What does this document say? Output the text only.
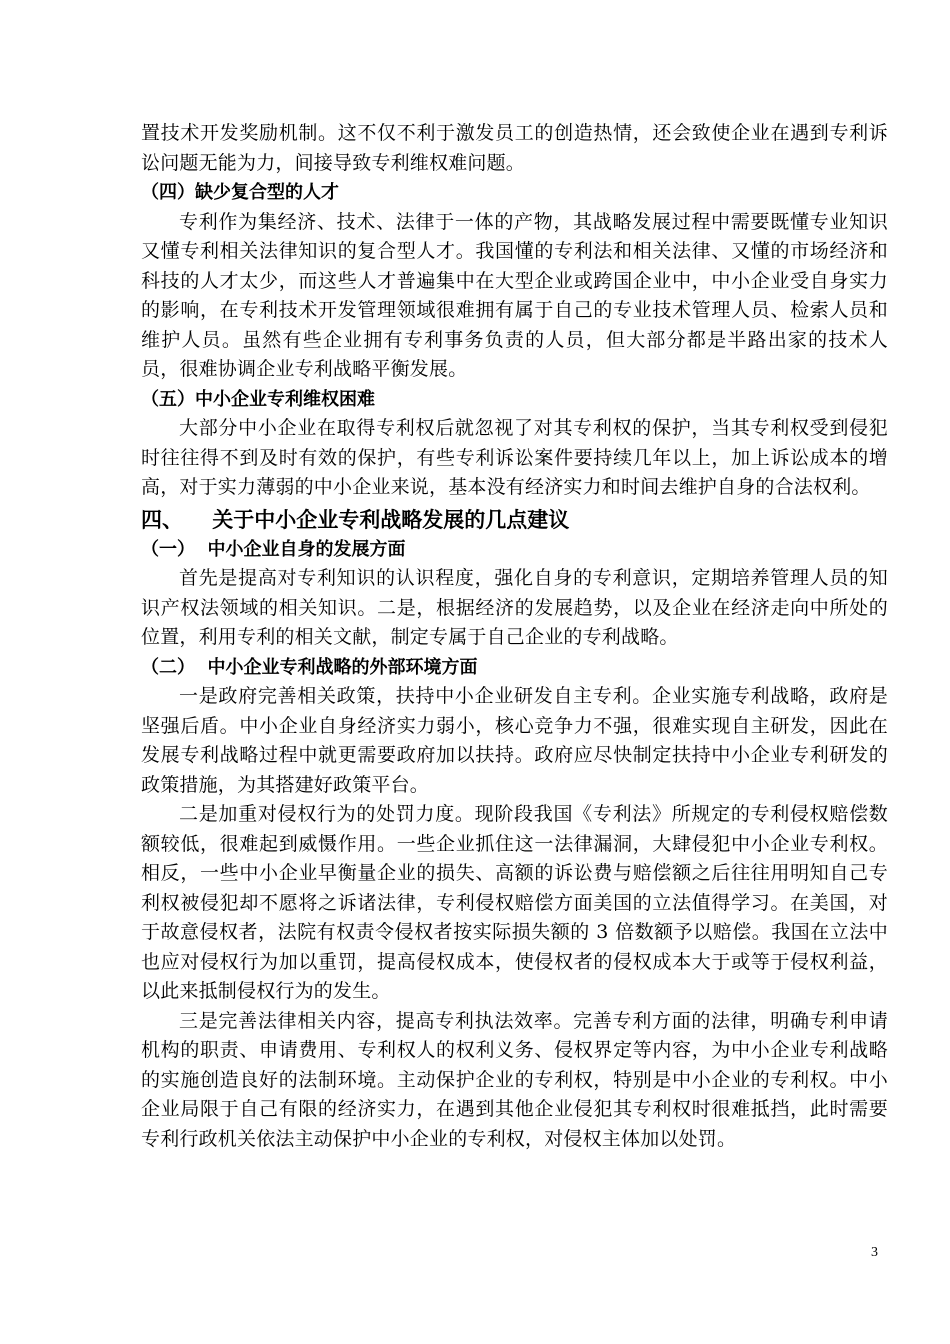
置技术开发奖励机制。这不仅不利于激发员工的创造热情，还会致使企业在遇到专利诉讼问题无能为力，间接导致专利维权难问题。

（四）缺少复合型的人才

专利作为集经济、技术、法律于一体的产物，其战略发展过程中需要既懂专业知识又懂专利相关法律知识的复合型人才。我国懂的专利法和相关法律、又懂的市场经济和科技的人才太少，而这些人才普遍集中在大型企业或跨国企业中，中小企业受自身实力的影响，在专利技术开发管理领域很难拥有属于自己的专业技术管理人员、检索人员和维护人员。虽然有些企业拥有专利事务负责的人员，但大部分都是半路出家的技术人员，很难协调企业专利战略平衡发展。

（五）中小企业专利维权困难

大部分中小企业在取得专利权后就忽视了对其专利权的保护，当其专利权受到侵犯时往往得不到及时有效的保护，有些专利诉讼案件要持续几年以上，加上诉讼成本的增高，对于实力薄弱的中小企业来说，基本没有经济实力和时间去维护自身的合法权利。

四、    关于中小企业专利战略发展的几点建议

（一）  中小企业自身的发展方面

首先是提高对专利知识的认识程度，强化自身的专利意识，定期培养管理人员的知识产权法领域的相关知识。二是，根据经济的发展趋势，以及企业在经济走向中所处的位置，利用专利的相关文献，制定专属于自己企业的专利战略。

（二）  中小企业专利战略的外部环境方面

一是政府完善相关政策，扶持中小企业研发自主专利。企业实施专利战略，政府是坚强后盾。中小企业自身经济实力弱小，核心竞争力不强，很难实现自主研发，因此在发展专利战略过程中就更需要政府加以扶持。政府应尽快制定扶持中小企业专利研发的政策措施，为其搭建好政策平台。

二是加重对侵权行为的处罚力度。现阶段我国《专利法》所规定的专利侵权赔偿数额较低，很难起到威慑作用。一些企业抓住这一法律漏洞，大肆侵犯中小企业专利权。相反，一些中小企业早衡量企业的损失、高额的诉讼费与赔偿额之后往往用明知自己专利权被侵犯却不愿将之诉诸法律，专利侵权赔偿方面美国的立法值得学习。在美国，对于故意侵权者，法院有权责令侵权者按实际损失额的 3 倍数额予以赔偿。我国在立法中也应对侵权行为加以重罚，提高侵权成本，使侵权者的侵权成本大于或等于侵权利益，以此来抵制侵权行为的发生。

三是完善法律相关内容，提高专利执法效率。完善专利方面的法律，明确专利申请机构的职责、申请费用、专利权人的权利义务、侵权界定等内容，为中小企业专利战略的实施创造良好的法制环境。主动保护企业的专利权，特别是中小企业的专利权。中小企业局限于自己有限的经济实力，在遇到其他企业侵犯其专利权时很难抵挡，此时需要专利行政机关依法主动保护中小企业的专利权，对侵权主体加以处罚。

3
